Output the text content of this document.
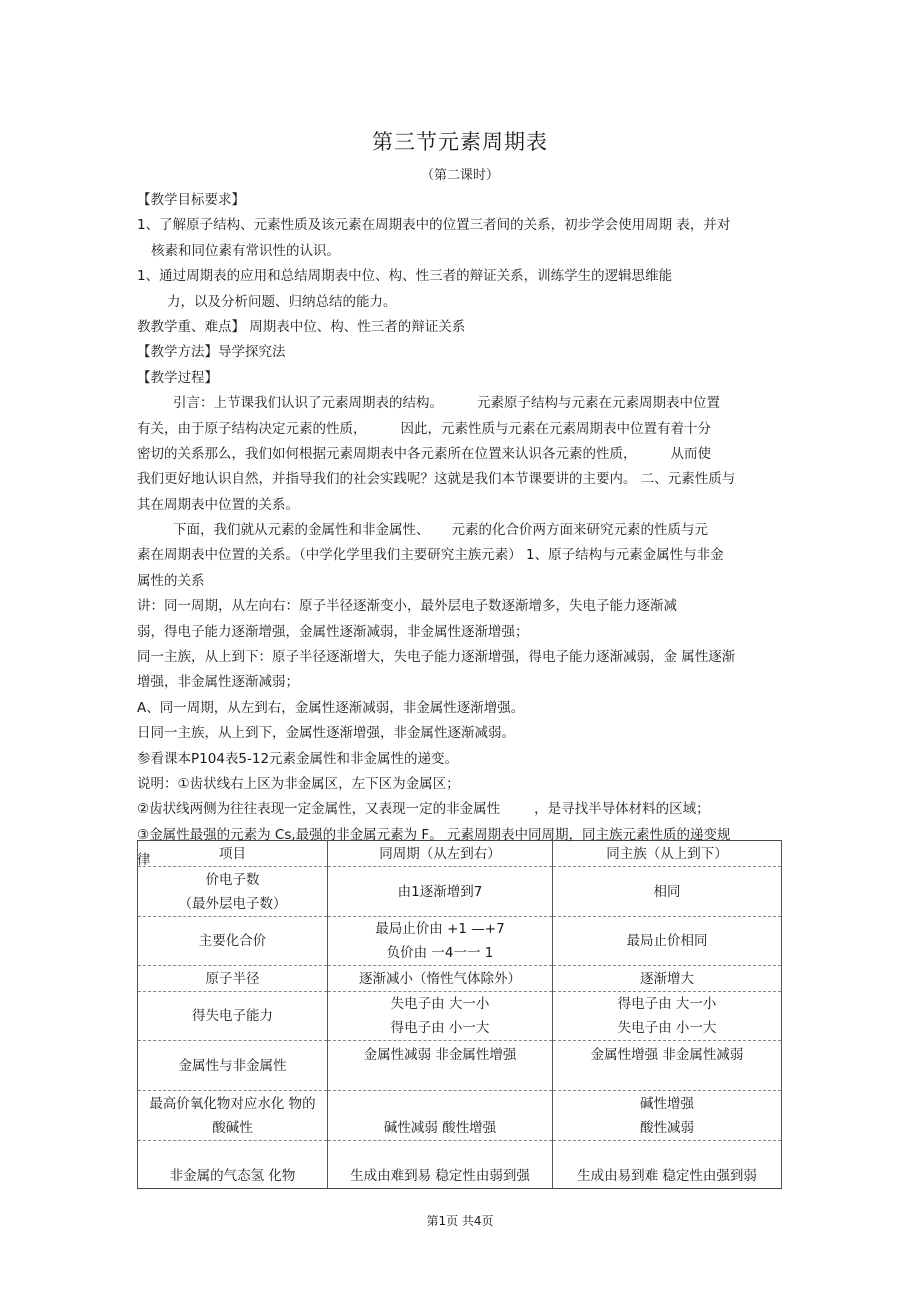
第三节元素周期表
（第二课时）
【教学目标要求】
1、了解原子结构、元素性质及该元素在周期表中的位置三者间的关系，初步学会使用周期 表，并对
核素和同位素有常识性的认识。
1、通过周期表的应用和总结周期表中位、构、性三者的辩证关系，训练学生的逻辑思维能
力，以及分析问题、归纳总结的能力。
教教学重、难点】 周期表中位、构、性三者的辩证关系
【教学方法】导学探究法
【教学过程】
引言：上节课我们认识了元素周期表的结构。	元素原子结构与元素在元素周期表中位置
有关，由于原子结构决定元素的性质，	因此，元素性质与元素在元素周期表中位置有着十分
密切的关系那么，我们如何根据元素周期表中各元素所在位置来认识各元素的性质，	从而使
我们更好地认识自然，并指导我们的社会实践呢？这就是我们本节课要讲的主要内。 二、元素性质与
其在周期表中位置的关系。
下面，我们就从元素的金属性和非金属性、 元素的化合价两方面来研究元素的性质与元
素在周期表中位置的关系。（中学化学里我们主要研究主族元素） 1、原子结构与元素金属性与非金
属性的关系
讲：同一周期，从左向右：原子半径逐渐变小，最外层电子数逐渐增多，失电子能力逐渐减
弱，得电子能力逐渐增强，金属性逐渐减弱，非金属性逐渐增强；
同一主族，从上到下：原子半径逐渐增大，失电子能力逐渐增强，得电子能力逐渐减弱，金 属性逐渐
增强，非金属性逐渐减弱；
A、同一周期，从左到右，金属性逐渐减弱，非金属性逐渐增强。
日同一主族，从上到下，金属性逐渐增强，非金属性逐渐减弱。
参看课本P104表5-12元素金属性和非金属性的递变。
说明：①齿状线右上区为非金属区，左下区为金属区；
②齿状线两侧为往往表现一定金属性，又表现一定的非金属性	，是寻找半导体材料的区域；
③金属性最强的元素为 Cs,最强的非金属元素为 F。 元素周期表中同周期，同主族元素性质的递变规
律	项目	同周期（从左到右）	同主族（从上到下）

价电子数
（最外层电子数）	由1逐渐增到7	相同
主要化合价	最局止价由 +1 —+7
负价由 一4一一 1	最局止价相同
原子半径	逐渐减小（惰性气体除外）	逐渐增大
得失电子能力	失电子由 大一小
得电子由 小一大	得电子由 大一小
失电子由 小一大

金属性与非金属性	金属性减弱 非金属性增强	金属性增强 非金属性减弱

最高价氧化物对应水化 物的
酸碱性	碱性减弱 酸性增强	碱性增强
酸性减弱

非金属的气态氢 化物	生成由难到易 稳定性由弱到强	生成由易到难 稳定性由强到弱
第1页 共4页
